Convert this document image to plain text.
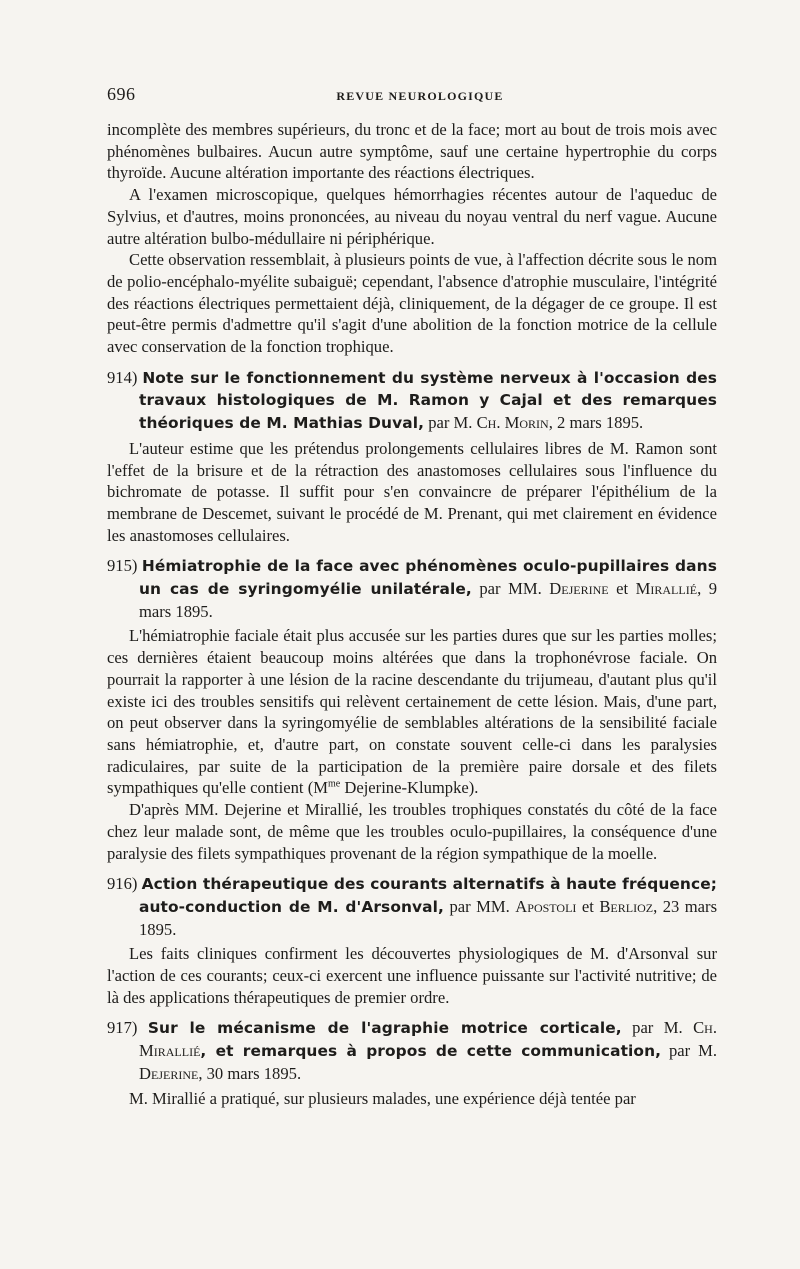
696	REVUE NEUROLOGIQUE

incomplète des membres supérieurs, du tronc et de la face; mort au bout de trois mois avec phénomènes bulbaires. Aucun autre symptôme, sauf une certaine hypertrophie du corps thyroïde. Aucune altération importante des réactions électriques.

A l'examen microscopique, quelques hémorrhagies récentes autour de l'aqueduc de Sylvius, et d'autres, moins prononcées, au niveau du noyau ventral du nerf vague. Aucune autre altération bulbo-médullaire ni périphérique.

Cette observation ressemblait, à plusieurs points de vue, à l'affection décrite sous le nom de polio-encéphalo-myélite subaiguë; cependant, l'absence d'atrophie musculaire, l'intégrité des réactions électriques permettaient déjà, cliniquement, de la dégager de ce groupe. Il est peut-être permis d'admettre qu'il s'agit d'une abolition de la fonction motrice de la cellule avec conservation de la fonction trophique.

914) Note sur le fonctionnement du système nerveux à l'occasion des travaux histologiques de M. Ramon y Cajal et des remarques théoriques de M. Mathias Duval, par M. Ch. Morin, 2 mars 1895.

L'auteur estime que les prétendus prolongements cellulaires libres de M. Ramon sont l'effet de la brisure et de la rétraction des anastomoses cellulaires sous l'influence du bichromate de potasse. Il suffit pour s'en convaincre de préparer l'épithélium de la membrane de Descemet, suivant le procédé de M. Prenant, qui met clairement en évidence les anastomoses cellulaires.

915) Hémiatrophie de la face avec phénomènes oculo-pupillaires dans un cas de syringomyélie unilatérale, par MM. Dejerine et Mirallié, 9 mars 1895.

L'hémiatrophie faciale était plus accusée sur les parties dures que sur les parties molles; ces dernières étaient beaucoup moins altérées que dans la trophonévrose faciale. On pourrait la rapporter à une lésion de la racine descendante du trijumeau, d'autant plus qu'il existe ici des troubles sensitifs qui relèvent certainement de cette lésion. Mais, d'une part, on peut observer dans la syringomyélie de semblables altérations de la sensibilité faciale sans hémiatrophie, et, d'autre part, on constate souvent celle-ci dans les paralysies radiculaires, par suite de la participation de la première paire dorsale et des filets sympathiques qu'elle contient ($M^{me}$ Dejerine-Klumpke).

D'après MM. Dejerine et Mirallié, les troubles trophiques constatés du côté de la face chez leur malade sont, de même que les troubles oculo-pupillaires, la conséquence d'une paralysie des filets sympathiques provenant de la région sympathique de la moelle.

916) Action thérapeutique des courants alternatifs à haute fréquence; auto-conduction de M. d'Arsonval, par MM. Apostoli et Berlioz, 23 mars 1895.

Les faits cliniques confirment les découvertes physiologiques de M. d'Arsonval sur l'action de ces courants; ceux-ci exercent une influence puissante sur l'activité nutritive; de là des applications thérapeutiques de premier ordre.

917) Sur le mécanisme de l'agraphie motrice corticale, par M. Ch. Mirallié, et remarques à propos de cette communication, par M. Dejerine, 30 mars 1895.

M. Mirallié a pratiqué, sur plusieurs malades, une expérience déjà tentée par
